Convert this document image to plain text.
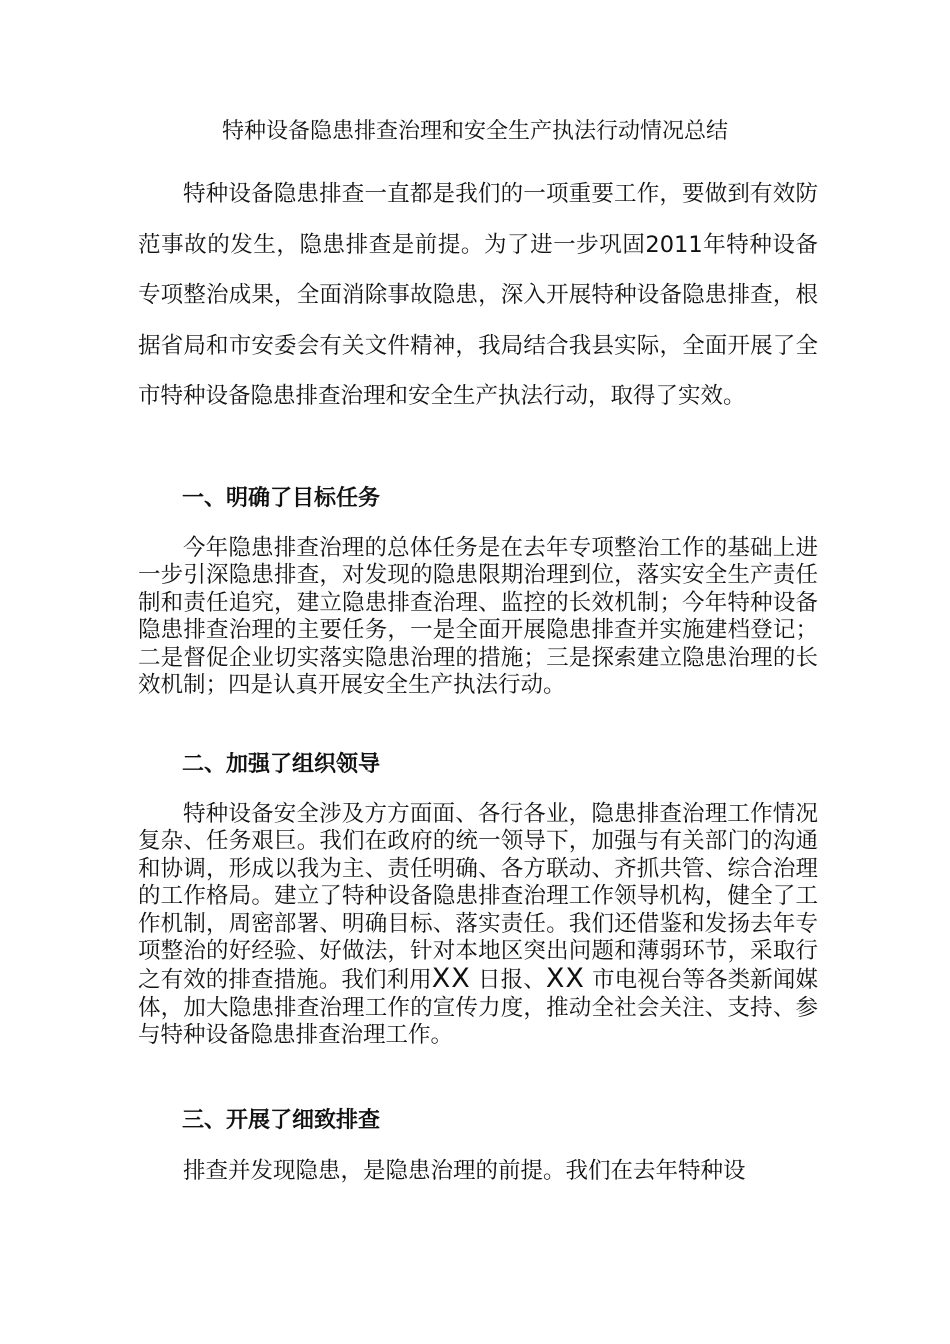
特种设备隐患排查治理和安全生产执法行动情况总结

特种设备隐患排查一直都是我们的一项重要工作，要做到有效防范事故的发生，隐患排查是前提。为了进一步巩固2011年特种设备专项整治成果，全面消除事故隐患，深入开展特种设备隐患排查，根据省局和市安委会有关文件精神，我局结合我县实际，全面开展了全市特种设备隐患排查治理和安全生产执法行动，取得了实效。

一、明确了目标任务

今年隐患排查治理的总体任务是在去年专项整治工作的基础上进一步引深隐患排查，对发现的隐患限期治理到位，落实安全生产责任制和责任追究，建立隐患排查治理、监控的长效机制；今年特种设备隐患排查治理的主要任务，一是全面开展隐患排查并实施建档登记；二是督促企业切实落实隐患治理的措施；三是探索建立隐患治理的长效机制；四是认真开展安全生产执法行动。

二、加强了组织领导

特种设备安全涉及方方面面、各行各业，隐患排查治理工作情况复杂、任务艰巨。我们在政府的统一领导下，加强与有关部门的沟通和协调，形成以我为主、责任明确、各方联动、齐抓共管、综合治理的工作格局。建立了特种设备隐患排查治理工作领导机构，健全了工作机制，周密部署、明确目标、落实责任。我们还借鉴和发扬去年专项整治的好经验、好做法，针对本地区突出问题和薄弱环节，采取行之有效的排查措施。我们利用XX 日报、XX 市电视台等各类新闻媒体，加大隐患排查治理工作的宣传力度，推动全社会关注、支持、参与特种设备隐患排查治理工作。

三、开展了细致排查

排查并发现隐患，是隐患治理的前提。我们在去年特种设
